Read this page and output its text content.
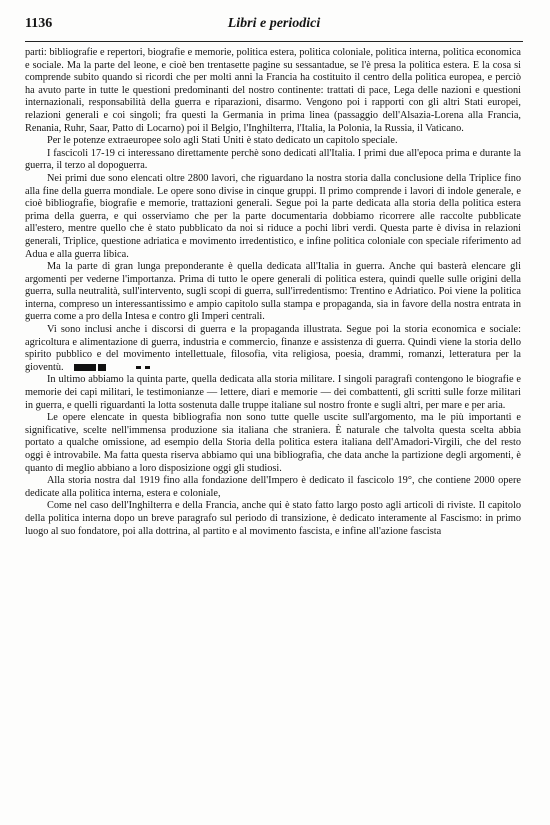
1136	Libri e periodici

parti: bibliografie e repertori, biografie e memorie, politica estera, politica coloniale, politica interna, politica economica e sociale. Ma la parte del leone, e cioè ben trentasette pagine su sessantadue, se l'è presa la politica estera. E la cosa si comprende subito quando si ricordi che per molti anni la Francia ha costituito il centro della politica europea, e perciò ha avuto parte in tutte le questioni predominanti del nostro continente: trattati di pace, Lega delle nazioni e questioni internazionali, responsabilità della guerra e riparazioni, disarmo. Vengono poi i rapporti con gli altri Stati europei, relazioni generali e coi singoli; fra questi la Germania in prima linea (passaggio dell'Alsazia-Lorena alla Francia, Renania, Ruhr, Saar, Patto di Locarno) poi il Belgio, l'Inghilterra, l'Italia, la Polonia, la Russia, il Vaticano.

Per le potenze extraeuropee solo agli Stati Uniti è stato dedicato un capitolo speciale.

I fascicoli 17-19 ci interessano direttamente perchè sono dedicati all'Italia. I primi due all'epoca prima e durante la guerra, il terzo al dopoguerra.

Nei primi due sono elencati oltre 2800 lavori, che riguardano la nostra storia dalla conclusione della Triplice fino alla fine della guerra mondiale. Le opere sono divise in cinque gruppi. Il primo comprende i lavori di indole generale, e cioè bibliografie, biografie e memorie, trattazioni generali. Segue poi la parte dedicata alla storia della politica estera prima della guerra, e qui osserviamo che per la parte documentaria dobbiamo ricorrere alle raccolte pubblicate all'estero, mentre quello che è stato pubblicato da noi si riduce a pochi libri verdi. Questa parte è divisa in relazioni generali, Triplice, questione adriatica e movimento irredentistico, e infine politica coloniale con speciale riferimento ad Adua e alla guerra libica.

Ma la parte di gran lunga preponderante è quella dedicata all'Italia in guerra. Anche qui basterà elencare gli argomenti per vederne l'importanza. Prima di tutto le opere generali di politica estera, quindi quelle sulle origini della guerra, sulla neutralità, sull'intervento, sugli scopi di guerra, sull'irredentismo: Trentino e Adriatico. Poi viene la politica interna, compreso un interessantissimo e ampio capitolo sulla stampa e propaganda, sia in favore della nostra entrata in guerra come a pro della Intesa e contro gli Imperi centrali.

Vi sono inclusi anche i discorsi di guerra e la propaganda illustrata. Segue poi la storia economica e sociale: agricoltura e alimentazione di guerra, industria e commercio, finanze e assistenza di guerra. Quindi viene la storia dello spirito pubblico e del movimento intellettuale, filosofia, vita religiosa, poesia, drammi, romanzi, letteratura per la gioventù.

In ultimo abbiamo la quinta parte, quella dedicata alla storia militare. I singoli paragrafi contengono le biografie e memorie dei capi militari, le testimonianze — lettere, diari e memorie — dei combattenti, gli scritti sulle forze militari in guerra, e quelli riguardanti la lotta sostenuta dalle truppe italiane sul nostro fronte e sugli altri, per mare e per aria.

Le opere elencate in questa bibliografia non sono tutte quelle uscite sull'argomento, ma le più importanti e significative, scelte nell'immensa produzione sia italiana che straniera. È naturale che talvolta questa scelta abbia portato a qualche omissione, ad esempio della Storia della politica estera italiana dell'Amadori-Virgili, che del resto oggi è introvabile. Ma fatta questa riserva abbiamo qui una bibliografia, che data anche la partizione degli argomenti, è quanto di meglio abbiano a loro disposizione oggi gli studiosi.

Alla storia nostra dal 1919 fino alla fondazione dell'Impero è dedicato il fascicolo 19°, che contiene 2000 opere dedicate alla politica interna, estera e coloniale,

Come nel caso dell'Inghilterra e della Francia, anche qui è stato fatto largo posto agli articoli di riviste. Il capitolo della politica interna dopo un breve paragrafo sul periodo di transizione, è dedicato interamente al Fascismo: in primo luogo al suo fondatore, poi alla dottrina, al partito e al movimento fascista, e infine all'azione fascista
